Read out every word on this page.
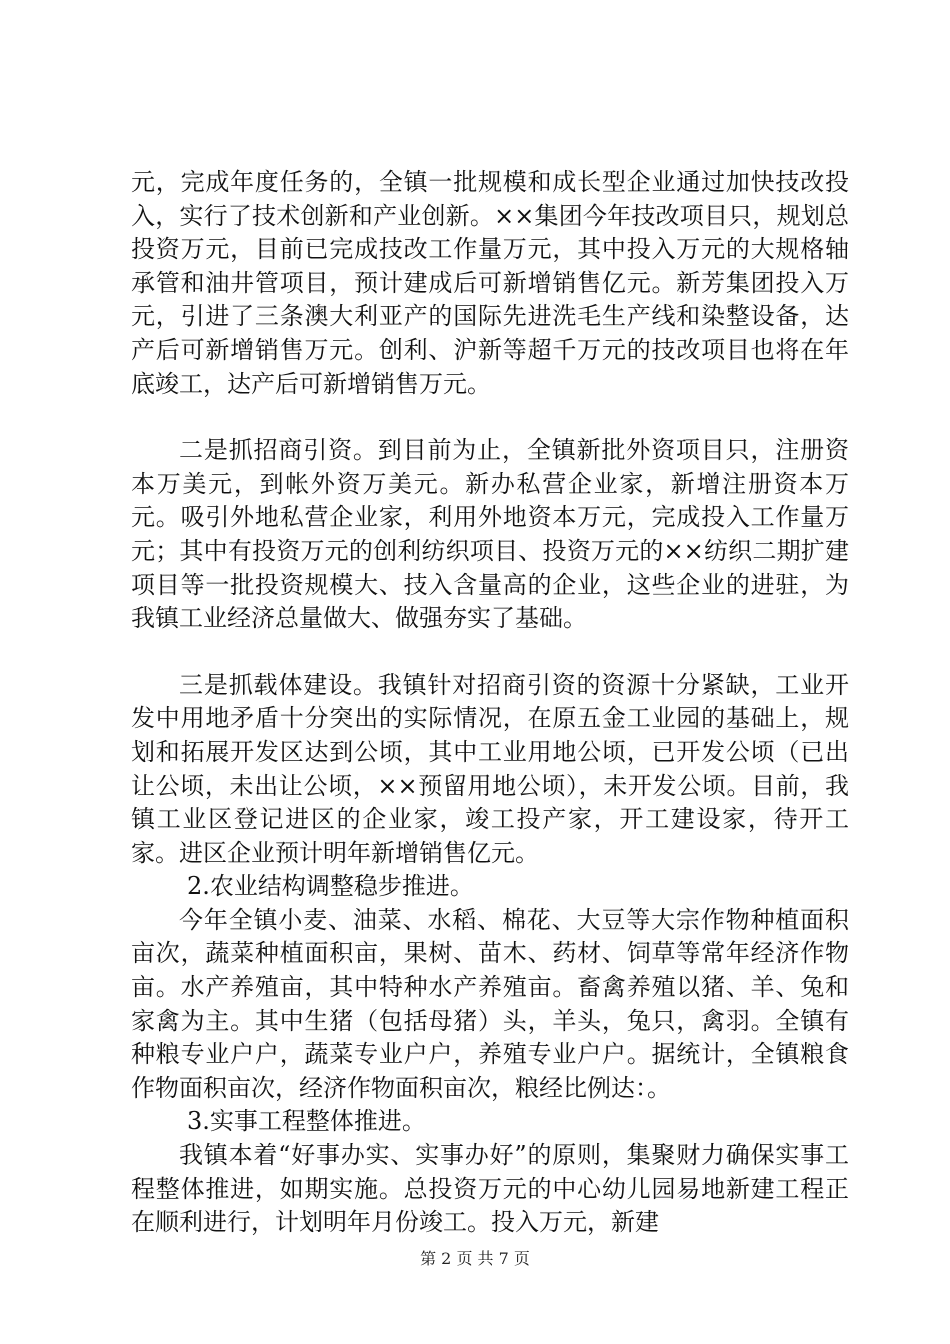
元，完成年度任务的，全镇一批规模和成长型企业通过加快技改投入，实行了技术创新和产业创新。××集团今年技改项目只，规划总投资万元，目前已完成技改工作量万元，其中投入万元的大规格轴承管和油井管项目，预计建成后可新增销售亿元。新芳集团投入万元，引进了三条澳大利亚产的国际先进洗毛生产线和染整设备，达产后可新增销售万元。创利、沪新等超千万元的技改项目也将在年底竣工，达产后可新增销售万元。

二是抓招商引资。到目前为止，全镇新批外资项目只，注册资本万美元，到帐外资万美元。新办私营企业家，新增注册资本万元。吸引外地私营企业家，利用外地资本万元，完成投入工作量万元；其中有投资万元的创利纺织项目、投资万元的××纺织二期扩建项目等一批投资规模大、技入含量高的企业，这些企业的进驻，为我镇工业经济总量做大、做强夯实了基础。

三是抓载体建设。我镇针对招商引资的资源十分紧缺，工业开发中用地矛盾十分突出的实际情况，在原五金工业园的基础上，规划和拓展开发区达到公顷，其中工业用地公顷，已开发公顷（已出让公顷，未出让公顷，××预留用地公顷），未开发公顷。目前，我镇工业区登记进区的企业家，竣工投产家，开工建设家，待开工家。进区企业预计明年新增销售亿元。

2.农业结构调整稳步推进。

今年全镇小麦、油菜、水稻、棉花、大豆等大宗作物种植面积亩次，蔬菜种植面积亩，果树、苗木、药材、饲草等常年经济作物亩。水产养殖亩，其中特种水产养殖亩。畜禽养殖以猪、羊、兔和家禽为主。其中生猪（包括母猪）头，羊头，兔只，禽羽。全镇有种粮专业户户，蔬菜专业户户，养殖专业户户。据统计，全镇粮食作物面积亩次，经济作物面积亩次，粮经比例达：。

3.实事工程整体推进。

我镇本着“好事办实、实事办好”的原则，集聚财力确保实事工程整体推进，如期实施。总投资万元的中心幼儿园易地新建工程正在顺利进行，计划明年月份竣工。投入万元，新建

第 2 页 共 7 页
